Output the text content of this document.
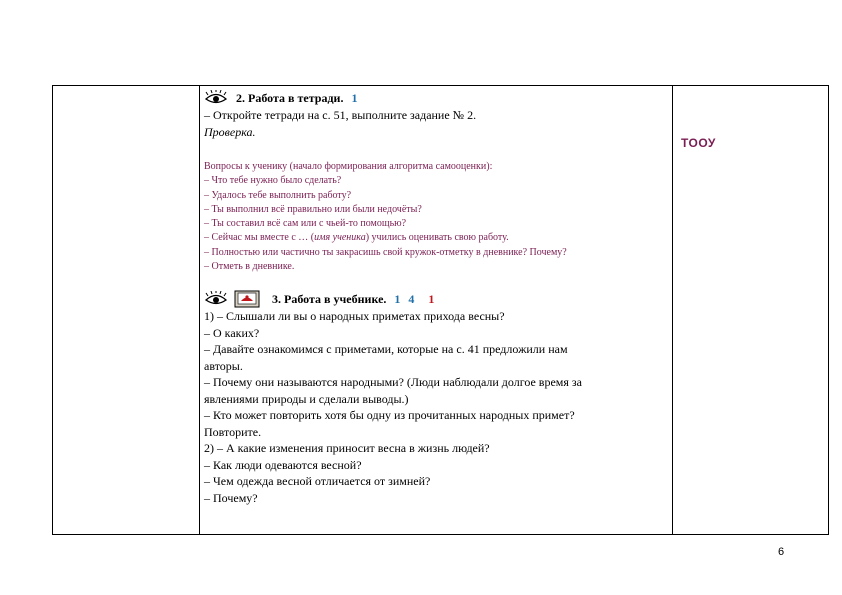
2. Работа в тетради. 1
– Откройте тетради на с. 51, выполните задание № 2.
Проверка.
Вопросы к ученику (начало формирования алгоритма самооценки):
– Что тебе нужно было сделать?
– Удалось тебе выполнить работу?
– Ты выполнил всё правильно или были недочёты?
– Ты составил всё сам или с чьей-то помощью?
– Сейчас мы вместе с … (имя ученика) учились оценивать свою работу.
– Полностью или частично ты закрасишь свой кружок-отметку в дневнике? Почему?
– Отметь в дневнике.
3. Работа в учебнике. 1 4 1
1) – Слышали ли вы о народных приметах прихода весны?
– О каких?
– Давайте ознакомимся с приметами, которые на с. 41 предложили нам
авторы.
– Почему они называются народными? (Люди наблюдали долгое время за
явлениями природы и сделали выводы.)
– Кто может повторить хотя бы одну из прочитанных народных примет?
Повторите.
2) – А какие изменения приносит весна в жизнь людей?
– Как люди одеваются весной?
– Чем одежда весной отличается от зимней?
– Почему?
ТООУ
6
